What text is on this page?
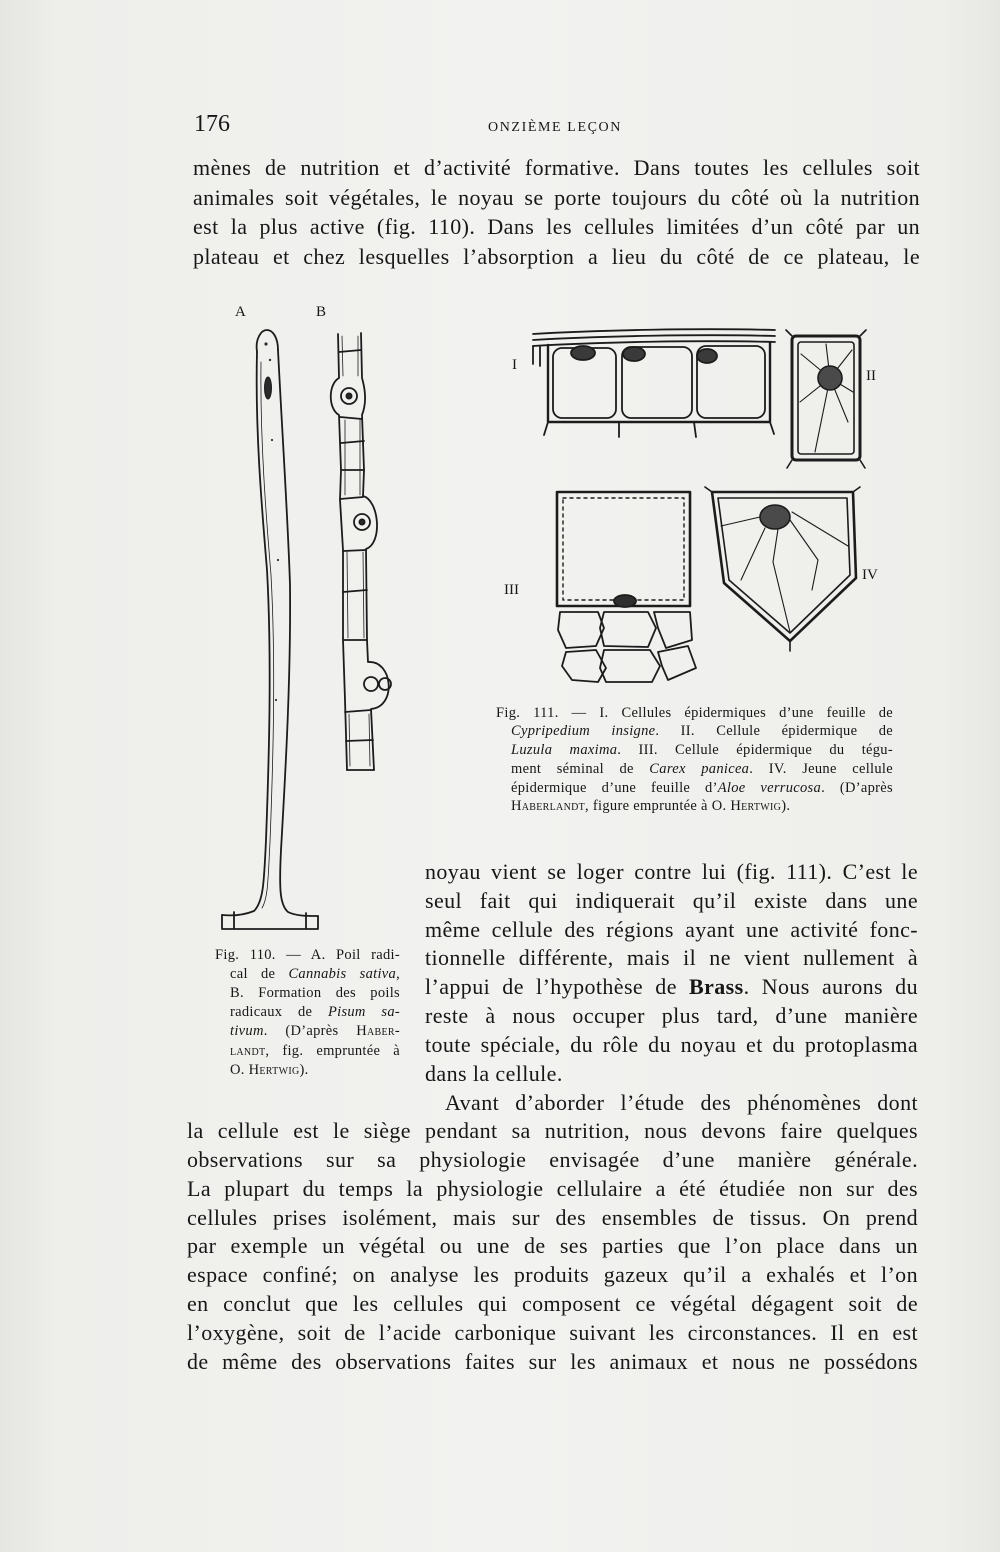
176	ONZIÈME LEÇON
mènes de nutrition et d’activité formative. Dans toutes les cellules soit
animales soit végétales, le noyau se porte toujours du côté où la nutrition
est la plus active (fig. 110). Dans les cellules limitées d’un côté par un
plateau et chez lesquelles l’absorption a lieu du côté de ce plateau, le
A	B
I
II
III
IV
Fig. 111. — I. Cellules épidermiques d’une feuille de
Cypripedium insigne. II. Cellule épidermique de
Luzula maxima. III. Cellule épidermique du tégu-
ment séminal de Carex panicea. IV. Jeune cellule
épidermique d’une feuille d’Aloe verrucosa. (D’après
Haberlandt, figure empruntée à O. Hertwig).
Fig. 110. — A. Poil radi-
cal de Cannabis sativa,
B. Formation des poils
radicaux de Pisum sa-
tivum. (D’après Haber-
landt, fig. empruntée à
O. Hertwig).
noyau vient se loger contre lui (fig. 111). C’est le
seul fait qui indiquerait qu’il existe dans une
même cellule des régions ayant une activité fonc-
tionnelle différente, mais il ne vient nullement à
l’appui de l’hypothèse de Brass. Nous aurons du
reste à nous occuper plus tard, d’une manière
toute spéciale, du rôle du noyau et du protoplasma
dans la cellule.
Avant d’aborder l’étude des phénomènes dont
la cellule est le siège pendant sa nutrition, nous devons faire quelques
observations sur sa physiologie envisagée d’une manière générale.
La plupart du temps la physiologie cellulaire a été étudiée non sur des
cellules prises isolément, mais sur des ensembles de tissus. On prend
par exemple un végétal ou une de ses parties que l’on place dans un
espace confiné; on analyse les produits gazeux qu’il a exhalés et l’on
en conclut que les cellules qui composent ce végétal dégagent soit de
l’oxygène, soit de l’acide carbonique suivant les circonstances. Il en est
de même des observations faites sur les animaux et nous ne possédons
